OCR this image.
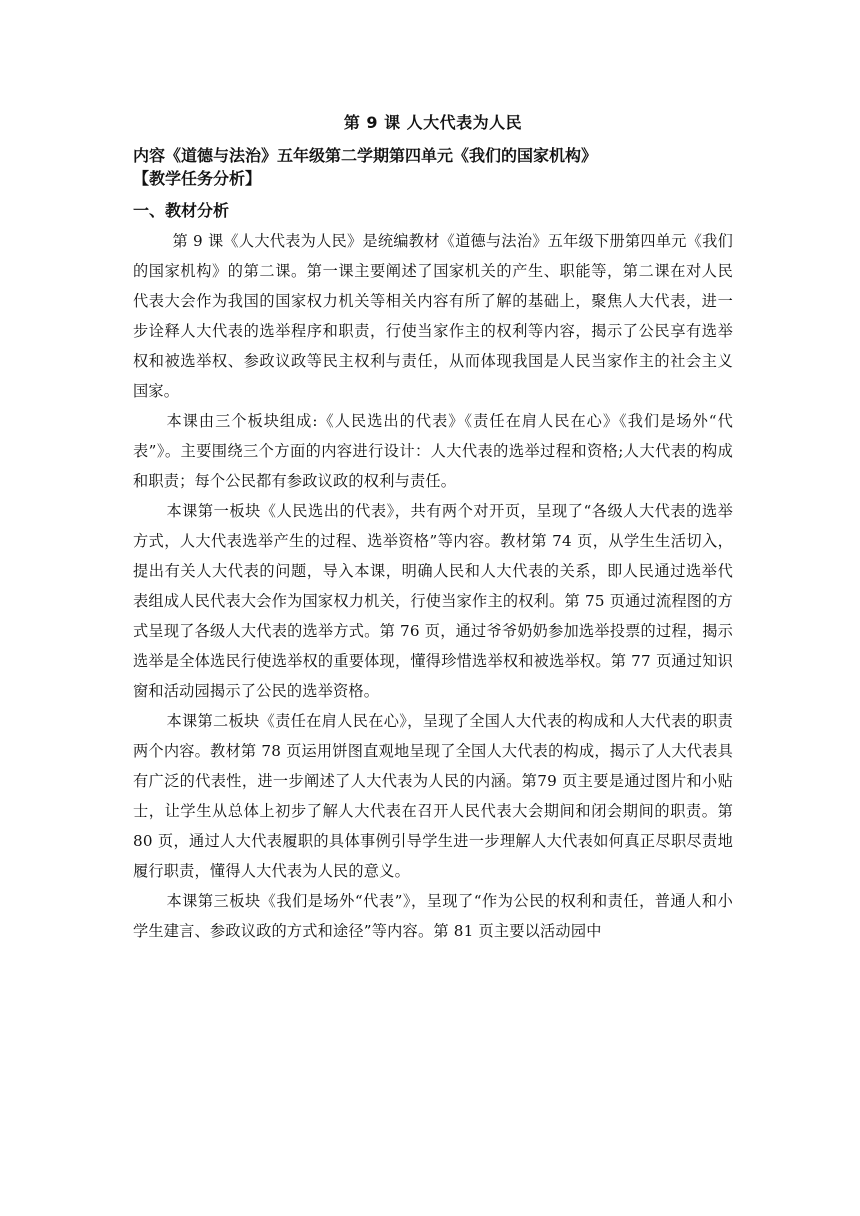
第 9 课 人大代表为人民

内容《道德与法治》五年级第二学期第四单元《我们的国家机构》

【教学任务分析】

一、教材分析

第 9 课《人大代表为人民》是统编教材《道德与法治》五年级下册第四单元《我们的国家机构》的第二课。第一课主要阐述了国家机关的产生、职能等，第二课在对人民代表大会作为我国的国家权力机关等相关内容有所了解的基础上，聚焦人大代表，进一步诠释人大代表的选举程序和职责，行使当家作主的权利等内容，揭示了公民享有选举权和被选举权、参政议政等民主权利与责任，从而体现我国是人民当家作主的社会主义国家。

本课由三个板块组成:《人民选出的代表》《责任在肩人民在心》《我们是场外“代表”》。主要围绕三个方面的内容进行设计：人大代表的选举过程和资格;人大代表的构成和职责；每个公民都有参政议政的权利与责任。

本课第一板块《人民选出的代表》，共有两个对开页，呈现了“各级人大代表的选举方式，人大代表选举产生的过程、选举资格”等内容。教材第 74 页，从学生生活切入，提出有关人大代表的问题，导入本课，明确人民和人大代表的关系，即人民通过选举代表组成人民代表大会作为国家权力机关，行使当家作主的权利。第 75 页通过流程图的方式呈现了各级人大代表的选举方式。第 76 页，通过爷爷奶奶参加选举投票的过程，揭示选举是全体选民行使选举权的重要体现，懂得珍惜选举权和被选举权。第 77 页通过知识窗和活动园揭示了公民的选举资格。

本课第二板块《责任在肩人民在心》，呈现了全国人大代表的构成和人大代表的职责两个内容。教材第 78 页运用饼图直观地呈现了全国人大代表的构成，揭示了人大代表具有广泛的代表性，进一步阐述了人大代表为人民的内涵。第79 页主要是通过图片和小贴士，让学生从总体上初步了解人大代表在召开人民代表大会期间和闭会期间的职责。第 80 页，通过人大代表履职的具体事例引导学生进一步理解人大代表如何真正尽职尽责地履行职责，懂得人大代表为人民的意义。

本课第三板块《我们是场外“代表”》，呈现了“作为公民的权利和责任，普通人和小学生建言、参政议政的方式和途径”等内容。第 81 页主要以活动园中
